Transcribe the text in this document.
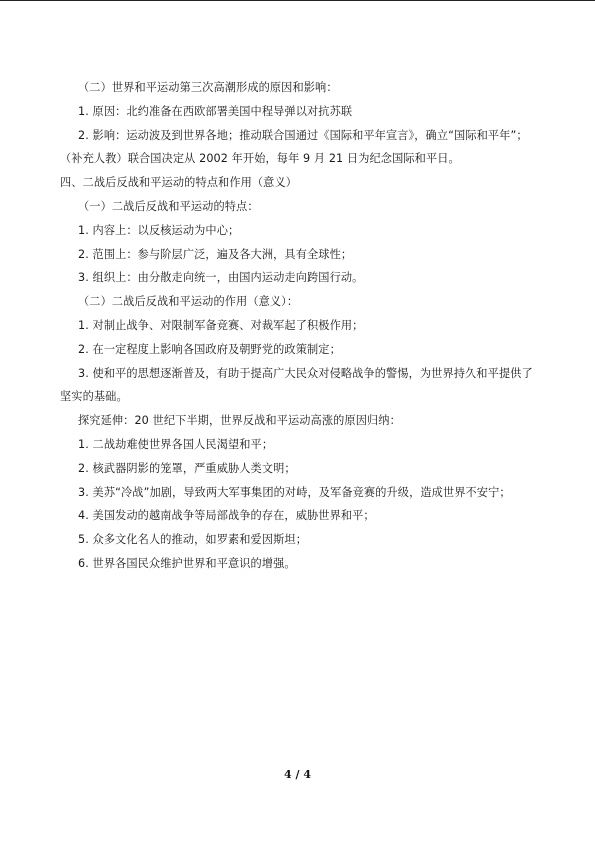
（二）世界和平运动第三次高潮形成的原因和影响：

1. 原因：北约准备在西欧部署美国中程导弹以对抗苏联

2. 影响：运动波及到世界各地；推动联合国通过《国际和平年宣言》，确立“国际和平年”；（补充人教）联合国决定从 2002 年开始，每年 9 月 21 日为纪念国际和平日。

四、二战后反战和平运动的特点和作用（意义）

（一）二战后反战和平运动的特点：

1. 内容上：以反核运动为中心；

2. 范围上：参与阶层广泛，遍及各大洲，具有全球性；

3. 组织上：由分散走向统一，由国内运动走向跨国行动。

（二）二战后反战和平运动的作用（意义）：

1. 对制止战争、对限制军备竞赛、对裁军起了积极作用；

2. 在一定程度上影响各国政府及朝野党的政策制定；

3. 使和平的思想逐渐普及，有助于提高广大民众对侵略战争的警惕，为世界持久和平提供了坚实的基础。

探究延伸：20 世纪下半期，世界反战和平运动高涨的原因归纳：

1. 二战劫难使世界各国人民渴望和平；

2. 核武器阴影的笼罩，严重威胁人类文明；

3. 美苏“冷战”加剧，导致两大军事集团的对峙，及军备竞赛的升级，造成世界不安宁；

4. 美国发动的越南战争等局部战争的存在，威胁世界和平；

5. 众多文化名人的推动，如罗素和爱因斯坦；

6. 世界各国民众维护世界和平意识的增强。

4 / 4
